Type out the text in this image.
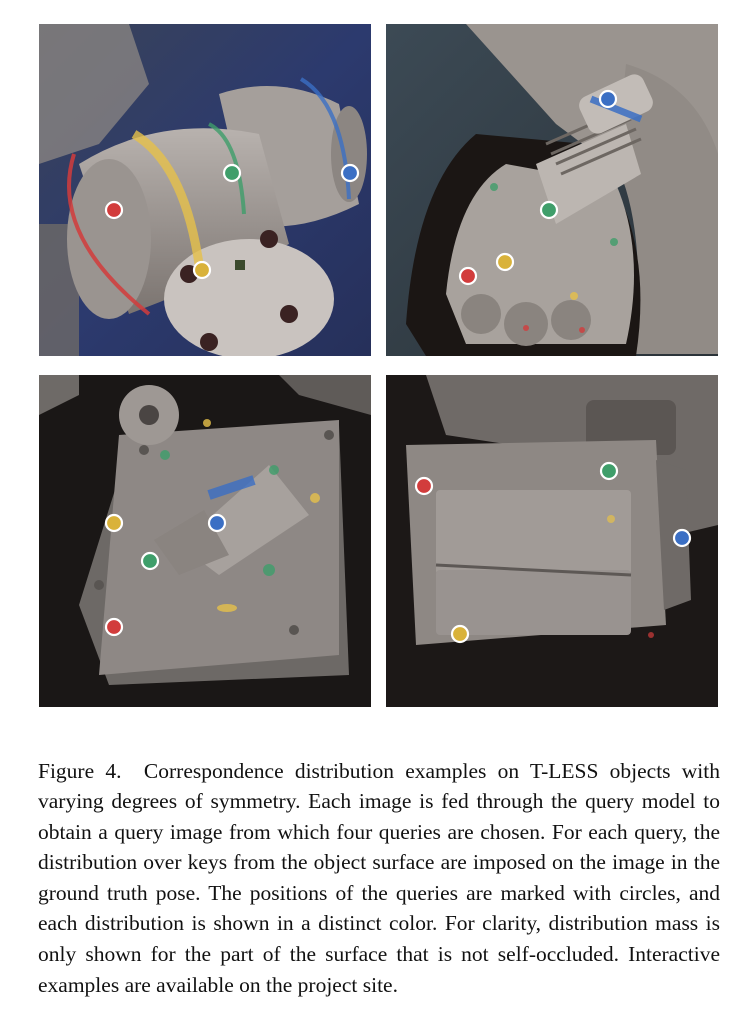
Figure 4. Correspondence distribution examples on T-LESS objects with varying degrees of symmetry. Each image is fed through the query model to obtain a query image from which four queries are chosen. For each query, the distribution over keys from the object surface are imposed on the image in the ground truth pose. The positions of the queries are marked with circles, and each distribution is shown in a distinct color. For clarity, distribution mass is only shown for the part of the surface that is not self-occluded. Interactive examples are available on the project site.
